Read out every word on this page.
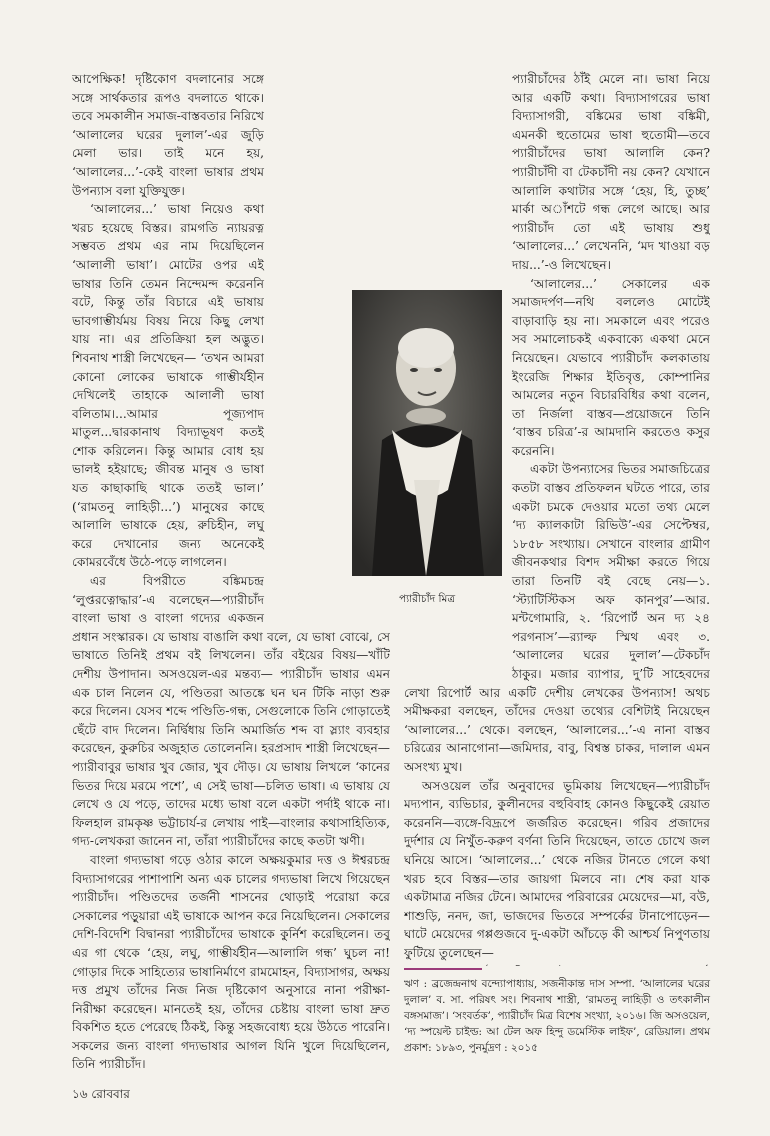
আপেক্ষিক! দৃষ্টিকোণ বদলানোর সঙ্গে সঙ্গে সার্থকতার রূপও বদলাতে থাকে। তবে সমকালীন সমাজ-বাস্তবতার নিরিখে ‘আলালের ঘরের দুলাল’-এর জুড়ি মেলা ভার। তাই মনে হয়, ‘আলালের...’-কেই বাংলা ভাষার প্রথম উপন্যাস বলা যুক্তিযুক্ত।

‘আলালের...’ ভাষা নিয়েও কথা খরচ হয়েছে বিস্তর। রামগতি ন্যায়রত্ন সম্ভবত প্রথম এর নাম দিয়েছিলেন ‘আলালী ভাষা’। মোটের ওপর এই ভাষার তিনি তেমন নিন্দেমন্দ করেননি বটে, কিন্তু তাঁর বিচারে এই ভাষায় ভাবগাম্ভীর্যময় বিষয় নিয়ে কিছু লেখা যায় না। এর প্রতিক্রিয়া হল অদ্ভুত। শিবনাথ শাস্ত্রী লিখেছেন— ‘তখন আমরা কোনো লোকের ভাষাকে গাম্ভীর্যহীন দেখিলেই তাহাকে আলালী ভাষা বলিতাম।...আমার পূজ্যপাদ মাতুল...দ্বারকানাথ বিদ্যাভূষণ কতই শোক করিলেন। কিন্তু আমার বোধ হয় ভালই হইয়াছে; জীবন্ত মানুষ ও ভাষা যত কাছাকাছি থাকে ততই ভাল।’ (‘রামতনু লাহিড়ী...’) মানুষের কাছে আলালি ভাষাকে হেয়, রুচিহীন, লঘু করে দেখানোর জন্য অনেকেই কোমরবেঁধে উঠে-পড়ে লাগলেন।

এর বিপরীতে বঙ্কিমচন্দ্র ‘লুপ্তরত্নোদ্ধার’-এ বলেছেন—প্যারীচাঁদ বাংলা ভাষা ও বাংলা গদ্যের একজন প্রধান সংস্কারক। যে ভাষায় বাঙালি কথা বলে, যে ভাষা বোঝে, সে ভাষাতে তিনিই প্রথম বই লিখলেন। তাঁর বইয়ের বিষয়—খাঁটি দেশীয় উপাদান। অসওয়েল-এর মন্তব্য— প্যারীচাঁদ ভাষার এমন এক চাল নিলেন যে, পণ্ডিতরা আতঙ্কে ঘন ঘন টিকি নাড়া শুরু করে দিলেন। যেসব শব্দে পণ্ডিতি-গন্ধ, সেগুলোকে তিনি গোড়াতেই ছেঁটে বাদ দিলেন। নির্দ্বিধায় তিনি অমার্জিত শব্দ বা স্ল্যাং ব্যবহার করেছেন, কুরুচির অজুহাত তোলেননি। হরপ্রসাদ শাস্ত্রী লিখেছেন—প্যারীবাবুর ভাষার খুব জোর, খুব দৌড়। যে ভাষায় লিখলে ‘কানের ভিতর দিয়ে মরমে পশে’, এ সেই ভাষা—চলিত ভাষা। এ ভাষায় যে লেখে ও যে পড়ে, তাদের মধ্যে ভাষা বলে একটা পর্দাই থাকে না। ফিলহাল রামকৃষ্ণ ভট্টাচার্য-র লেখায় পাই—বাংলার কথাসাহিত্যিক, গদ্য-লেখকরা জানেন না, তাঁরা প্যারীচাঁদের কাছে কতটা ঋণী।

বাংলা গদ্যভাষা গড়ে ওঠার কালে অক্ষয়কুমার দত্ত ও ঈশ্বরচন্দ্র বিদ্যাসাগরের পাশাপাশি অন্য এক চালের গদ্যভাষা লিখে গিয়েছেন প্যারীচাঁদ। পণ্ডিতদের তর্জনী শাসনের থোড়াই পরোয়া করে সেকালের পড়ুয়ারা এই ভাষাকে আপন করে নিয়েছিলেন। সেকালের দেশি-বিদেশি বিদ্বানরা প্যারীচাঁদের ভাষাকে কুর্নিশ করেছিলেন। তবু এর গা থেকে ‘হেয়, লঘু, গাম্ভীর্যহীন—আলালি গন্ধ’ ঘুচল না! গোড়ার দিকে সাহিত্যের ভাষানির্মাণে রামমোহন, বিদ্যাসাগর, অক্ষয় দত্ত প্রমুখ তাঁদের নিজ নিজ দৃষ্টিকোণ অনুসারে নানা পরীক্ষা-নিরীক্ষা করেছেন। মানতেই হয়, তাঁদের চেষ্টায় বাংলা ভাষা দ্রুত বিকশিত হতে পেরেছে ঠিকই, কিন্তু সহজবোধ্য হয়ে উঠতে পারেনি। সকলের জন্য বাংলা গদ্যভাষার আগল যিনি খুলে দিয়েছিলেন, তিনি প্যারীচাঁদ।

প্যারীচাঁদের ঠাঁই মেলে না। ভাষা নিয়ে আর একটি কথা। বিদ্যাসাগরের ভাষা বিদ্যাসাগরী, বঙ্কিমের ভাষা বঙ্কিমী, এমনকী হুতোমের ভাষা হুতোমী—তবে প্যারীচাঁদের ভাষা আলালি কেন? প্যারীচাঁদী বা টেকচাঁদী নয় কেন? যেখানে আলালি কথাটার সঙ্গে ‘হেয়, হি, তুচ্ছ’ মার্কা অাঁশটে গন্ধ লেগে আছে। আর প্যারীচাঁদ তো এই ভাষায় শুধু ‘আলালের...’ লেখেননি, ‘মদ খাওয়া বড় দায়...’-ও লিখেছেন।

‘আলালের...’ সেকালের এক সমাজদর্পণ—নথি বললেও মোটেই বাড়াবাড়ি হয় না। সমকালে এবং পরেও সব সমালোচকই একবাক্যে একথা মেনে নিয়েছেন। যেভাবে প্যারীচাঁদ কলকাতায় ইংরেজি শিক্ষার ইতিবৃত্ত, কোম্পানির আমলের নতুন বিচারবিধির কথা বলেন, তা নির্জলা বাস্তব—প্রয়োজনে তিনি ‘বাস্তব চরিত্র’-র আমদানি করতেও কসুর করেননি।

একটা উপন্যাসের ভিতর সমাজচিত্রের কতটা বাস্তব প্রতিফলন ঘটতে পারে, তার একটা চমকে দেওয়ার মতো তথ্য মেলে ‘দ্য ক্যালকাটা রিভিউ’-এর সেপ্টেম্বর, ১৮৫৮ সংখ্যায়। সেখানে বাংলার গ্রামীণ জীবনকথার বিশদ সমীক্ষা করতে গিয়ে তারা তিনটি বই বেছে নেয়—১. ‘স্ট্যাটিস্টিকস অফ কানপুর’—আর. মন্টগোমারি, ২. ‘রিপোর্ট অন দ্য ২৪ পরগনাস’—র‍্যাল্ফ স্মিথ এবং ৩. ‘আলালের ঘরের দুলাল’—টেকচাঁদ ঠাকুর। মজার ব্যাপার, দু’টি সাহেবদের লেখা রিপোর্ট আর একটি দেশীয় লেখকের উপন্যাস! অথচ সমীক্ষকরা বলছেন, তাঁদের দেওয়া তথ্যের বেশিটাই নিয়েছেন ‘আলালের...’ থেকে। বলছেন, ‘আলালের...’-এ নানা বাস্তব চরিত্রের আনাগোনা—জমিদার, বাবু, বিশ্বস্ত চাকর, দালাল এমন অসংখ্য মুখ।

অসওয়েল তাঁর অনুবাদের ভূমিকায় লিখেছেন—প্যারীচাঁদ মদ্যপান, ব্যভিচার, কুলীনদের বহুবিবাহ কোনও কিছুকেই রেয়াত করেননি—ব্যঙ্গে-বিদ্রূপে জর্জরিত করেছেন। গরিব প্রজাদের দুর্দশার যে নিখুঁত-করুণ বর্ণনা তিনি দিয়েছেন, তাতে চোখে জল ঘনিয়ে আসে। ‘আলালের...’ থেকে নজির টানতে গেলে কথা খরচ হবে বিস্তর—তার জায়গা মিলবে না। শেষ করা যাক একটামাত্র নজির টেনে। আমাদের পরিবারের মেয়েদের—মা, বউ, শাশুড়ি, ননদ, জা, ভাজদের ভিতরে সম্পর্কের টানাপোড়েন—ঘাটে মেয়েদের গপ্পগুজবে দু-একটা আঁচড়ে কী আশ্চর্য নিপুণতায় ফুটিয়ে তুলেছেন—

প্যারীচাঁদ মিত্র

ঋণ : ব্রজেন্দ্রনাথ বন্দ্যোপাধ্যায়, সজনীকান্ত দাস সম্পা. ‘আলালের ঘরের দুলাল’ ব. সা. পরিষৎ সং। শিবনাথ শাস্ত্রী, ‘রামতনু লাহিড়ী ও তৎকালীন বঙ্গসমাজ’। ‘সংবর্তক’, প্যারীচাঁদ মিত্র বিশেষ সংখ্যা, ২০১৬। জি অসওয়েল, ‘দ্য স্পয়েল্ট চাইল্ড: আ টেল অফ হিন্দু ডমেস্টিক লাইফ’, রেডিয়াল। প্রথম প্রকাশ: ১৮৯৩, পুনর্মুদ্রণ : ২০১৫

১৬ রোববার
